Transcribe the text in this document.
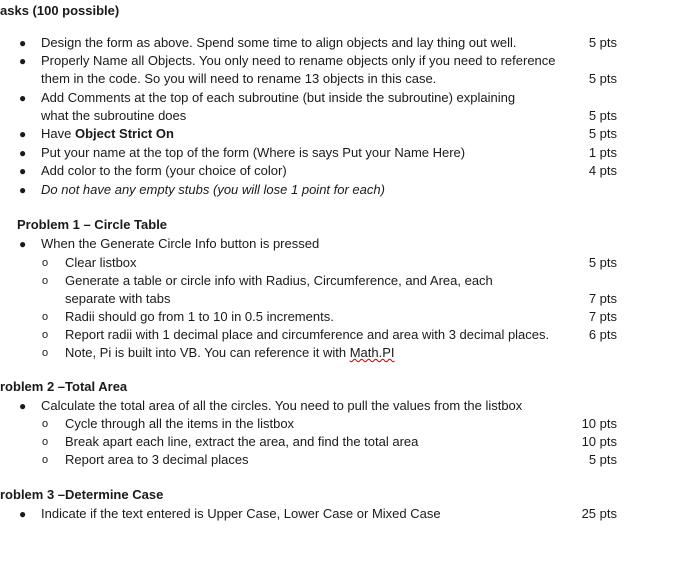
asks (100 possible)
● Design the form as above. Spend some time to align objects and lay thing out well.	5 pts
● Properly Name all Objects. You only need to rename objects only if you need to reference
them in the code. So you will need to rename 13 objects in this case.	5 pts
● Add Comments at the top of each subroutine (but inside the subroutine) explaining
what the subroutine does	5 pts
● Have Object Strict On	5 pts
● Put your name at the top of the form (Where is says Put your Name Here)	1 pts
● Add color to the form (your choice of color)	4 pts
● Do not have any empty stubs (you will lose 1 point for each)
Problem 1 – Circle Table
● When the Generate Circle Info button is pressed
o Clear listbox	5 pts
o Generate a table or circle info with Radius, Circumference, and Area, each
separate with tabs	7 pts
o Radii should go from 1 to 10 in 0.5 increments.	7 pts
o Report radii with 1 decimal place and circumference and area with 3 decimal places.	6 pts
o Note, Pi is built into VB. You can reference it with Math.PI
roblem 2 –Total Area
● Calculate the total area of all the circles. You need to pull the values from the listbox
o Cycle through all the items in the listbox	10 pts
o Break apart each line, extract the area, and find the total area	10 pts
o Report area to 3 decimal places	5 pts
roblem 3 –Determine Case
● Indicate if the text entered is Upper Case, Lower Case or Mixed Case	25 pts
